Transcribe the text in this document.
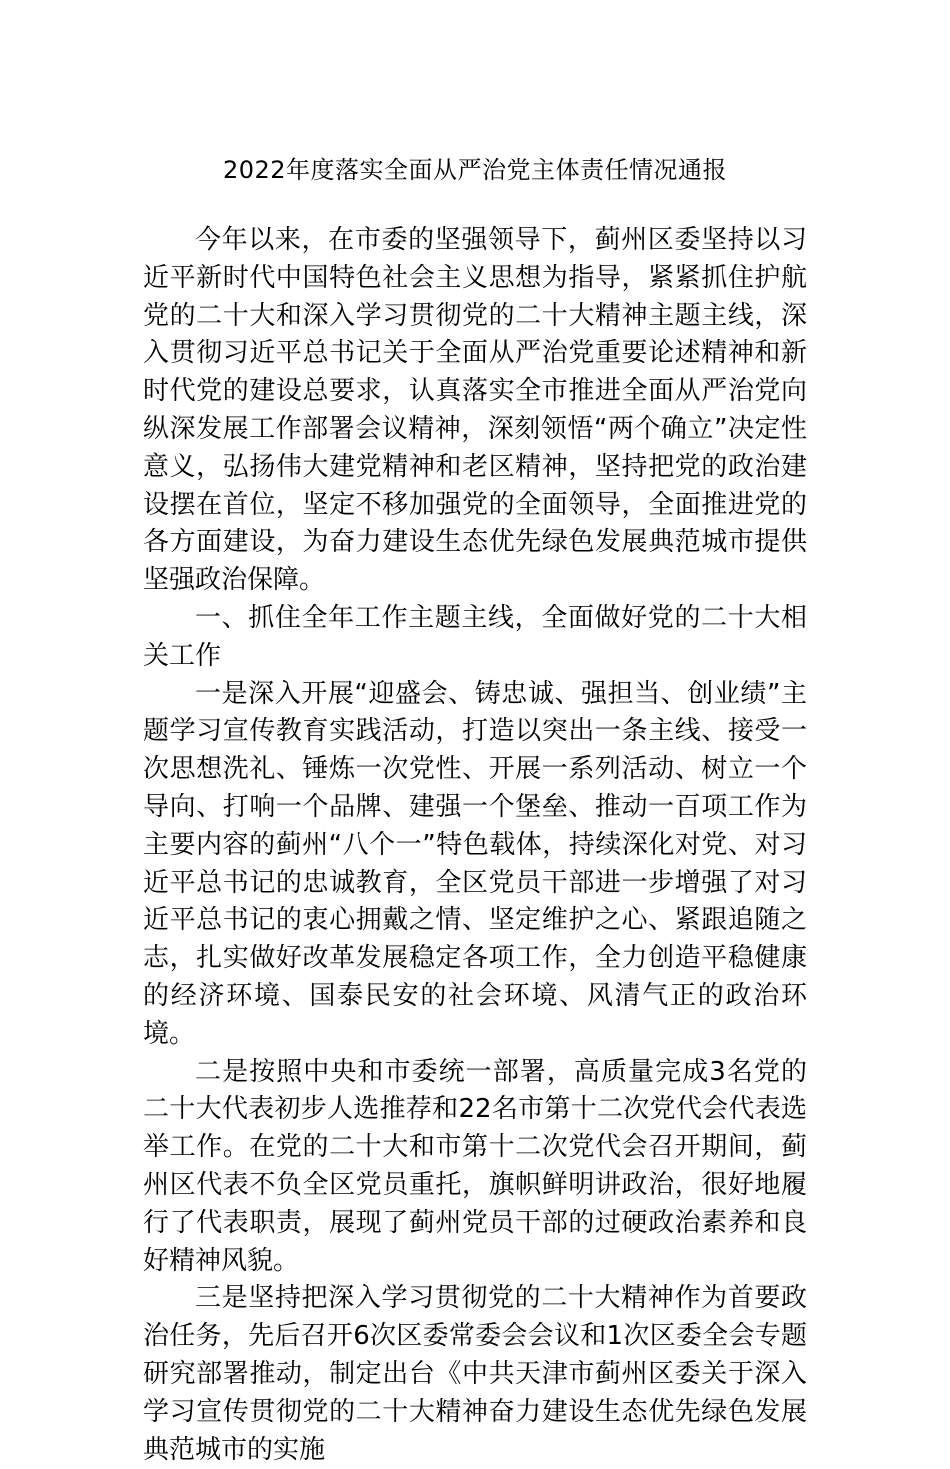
2022年度落实全面从严治党主体责任情况通报

今年以来，在市委的坚强领导下，蓟州区委坚持以习近平新时代中国特色社会主义思想为指导，紧紧抓住护航党的二十大和深入学习贯彻党的二十大精神主题主线，深入贯彻习近平总书记关于全面从严治党重要论述精神和新时代党的建设总要求，认真落实全市推进全面从严治党向纵深发展工作部署会议精神，深刻领悟“两个确立”决定性意义，弘扬伟大建党精神和老区精神，坚持把党的政治建设摆在首位，坚定不移加强党的全面领导，全面推进党的各方面建设，为奋力建设生态优先绿色发展典范城市提供坚强政治保障。

一、抓住全年工作主题主线，全面做好党的二十大相关工作

一是深入开展“迎盛会、铸忠诚、强担当、创业绩”主题学习宣传教育实践活动，打造以突出一条主线、接受一次思想洗礼、锤炼一次党性、开展一系列活动、树立一个导向、打响一个品牌、建强一个堡垒、推动一百项工作为主要内容的蓟州“八个一”特色载体，持续深化对党、对习近平总书记的忠诚教育，全区党员干部进一步增强了对习近平总书记的衷心拥戴之情、坚定维护之心、紧跟追随之志，扎实做好改革发展稳定各项工作，全力创造平稳健康的经济环境、国泰民安的社会环境、风清气正的政治环境。

二是按照中央和市委统一部署，高质量完成3名党的二十大代表初步人选推荐和22名市第十二次党代会代表选举工作。在党的二十大和市第十二次党代会召开期间，蓟州区代表不负全区党员重托，旗帜鲜明讲政治，很好地履行了代表职责，展现了蓟州党员干部的过硬政治素养和良好精神风貌。

三是坚持把深入学习贯彻党的二十大精神作为首要政治任务，先后召开6次区委常委会会议和1次区委全会专题研究部署推动，制定出台《中共天津市蓟州区委关于深入学习宣传贯彻党的二十大精神奋力建设生态优先绿色发展典范城市的实施
